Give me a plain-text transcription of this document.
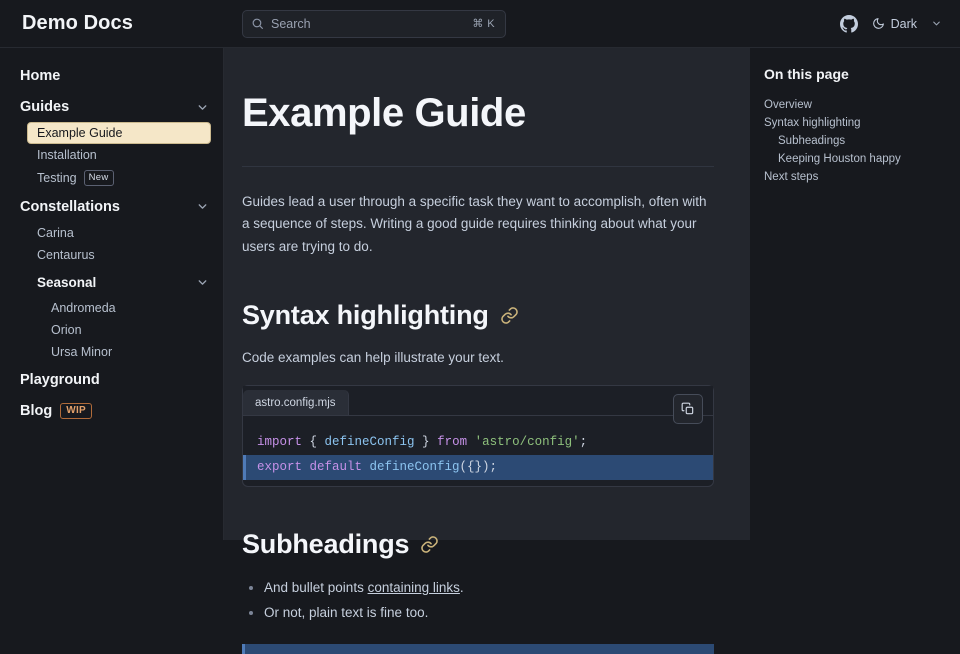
Demo Docs	Search	⌘ K	Dark
Home
Guides
Example Guide
Installation
Testing	New
Constellations
Carina
Centaurus
Seasonal
Andromeda
Orion
Ursa Minor
Playground
Blog	WIP
Example Guide

Guides lead a user through a specific task they want to accomplish, often with a sequence of steps. Writing a good guide requires thinking about what your users are trying to do.

Syntax highlighting

Code examples can help illustrate your text.

astro.config.mjs
import { defineConfig } from 'astro/config';
export default defineConfig({});
Subheadings
• And bullet points containing links.
• Or not, plain text is fine too.
On this page
Overview
Syntax highlighting
Subheadings
Keeping Houston happy
Next steps
